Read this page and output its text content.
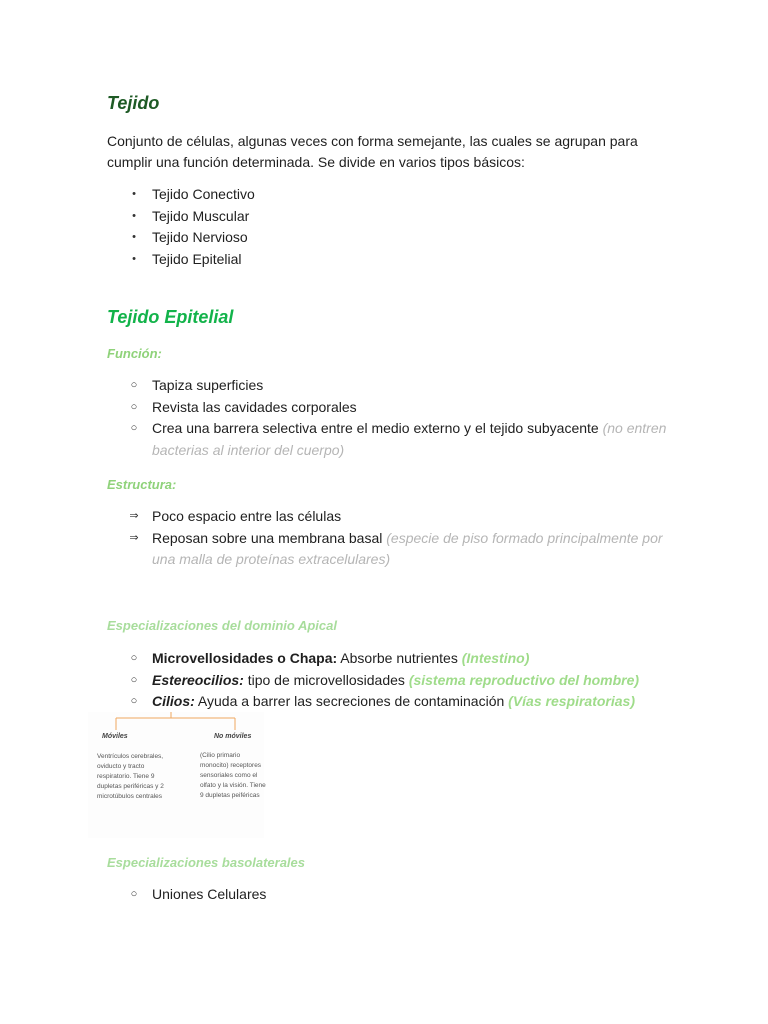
Tejido

Conjunto de células, algunas veces con forma semejante, las cuales se agrupan para cumplir una función determinada. Se divide en varios tipos básicos:

•	Tejido Conectivo
•	Tejido Muscular
•	Tejido Nervioso
•	Tejido Epitelial
Tejido Epitelial
Función:
○ Tapiza superficies
○ Revista las cavidades corporales
○ Crea una barrera selectiva entre el medio externo y el tejido subyacente (no entren bacterias al interior del cuerpo)
Estructura:
⇒ Poco espacio entre las células
⇒ Reposan sobre una membrana basal (especie de piso formado principalmente por una malla de proteínas extracelulares)
Especializaciones del dominio Apical
○ Microvellosidades o Chapa: Absorbe nutrientes (Intestino)
○ Estereocilios: tipo de microvellosidades (sistema reproductivo del hombre)
○ Cilios: Ayuda a barrer las secreciones de contaminación (Vías respiratorias)
Especializaciones basolaterales
○ Uniones Celulares
Móviles	No móviles
Ventrículos cerebrales, oviducto y tracto respiratorio. Tiene 9 dupletas periféricas y 2 microtúbulos centrales
(Cilio primario monocito) receptores sensoriales como el olfato y la visión. Tiene 9 dupletas peiféricas
